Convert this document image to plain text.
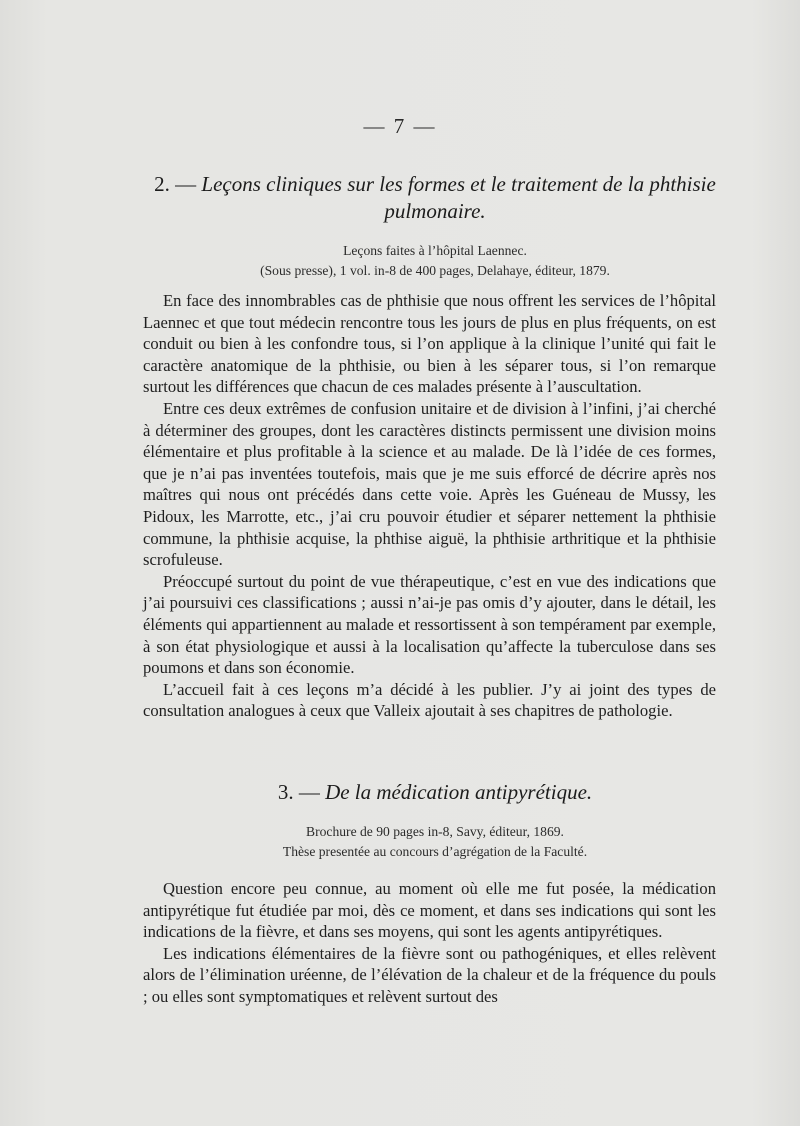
— 7 —
2. — Leçons cliniques sur les formes et le traitement de la phthisie pulmonaire.
Leçons faites à l’hôpital Laennec.
(Sous presse), 1 vol. in-8 de 400 pages, Delahaye, éditeur, 1879.

En face des innombrables cas de phthisie que nous offrent les services de l’hôpital Laennec et que tout médecin rencontre tous les jours de plus en plus fréquents, on est conduit ou bien à les confondre tous, si l’on applique à la clinique l’unité qui fait le caractère anatomique de la phthisie, ou bien à les séparer tous, si l’on remarque surtout les différences que chacun de ces malades présente à l’auscultation.

Entre ces deux extrêmes de confusion unitaire et de division à l’infini, j’ai cherché à déterminer des groupes, dont les caractères distincts permissent une division moins élémentaire et plus profitable à la science et au malade. De là l’idée de ces formes, que je n’ai pas inventées toutefois, mais que je me suis efforcé de décrire après nos maîtres qui nous ont précédés dans cette voie. Après les Guéneau de Mussy, les Pidoux, les Marrotte, etc., j’ai cru pouvoir étudier et séparer nettement la phthisie commune, la phthisie acquise, la phthise aiguë, la phthisie arthritique et la phthisie scrofuleuse.

Préoccupé surtout du point de vue thérapeutique, c’est en vue des indications que j’ai poursuivi ces classifications ; aussi n’ai-je pas omis d’y ajouter, dans le détail, les éléments qui appartiennent au malade et ressortissent à son tempérament par exemple, à son état physiologique et aussi à la localisation qu’affecte la tuberculose dans ses poumons et dans son économie.

L’accueil fait à ces leçons m’a décidé à les publier. J’y ai joint des types de consultation analogues à ceux que Valleix ajoutait à ses chapitres de pathologie.

3. — De la médication antipyrétique.
Brochure de 90 pages in-8, Savy, éditeur, 1869.
Thèse presentée au concours d’agrégation de la Faculté.

Question encore peu connue, au moment où elle me fut posée, la médication antipyrétique fut étudiée par moi, dès ce moment, et dans ses indications qui sont les indications de la fièvre, et dans ses moyens, qui sont les agents antipyrétiques.

Les indications élémentaires de la fièvre sont ou pathogéniques, et elles relèvent alors de l’élimination uréenne, de l’élévation de la chaleur et de la fréquence du pouls ; ou elles sont symptomatiques et relèvent surtout des
